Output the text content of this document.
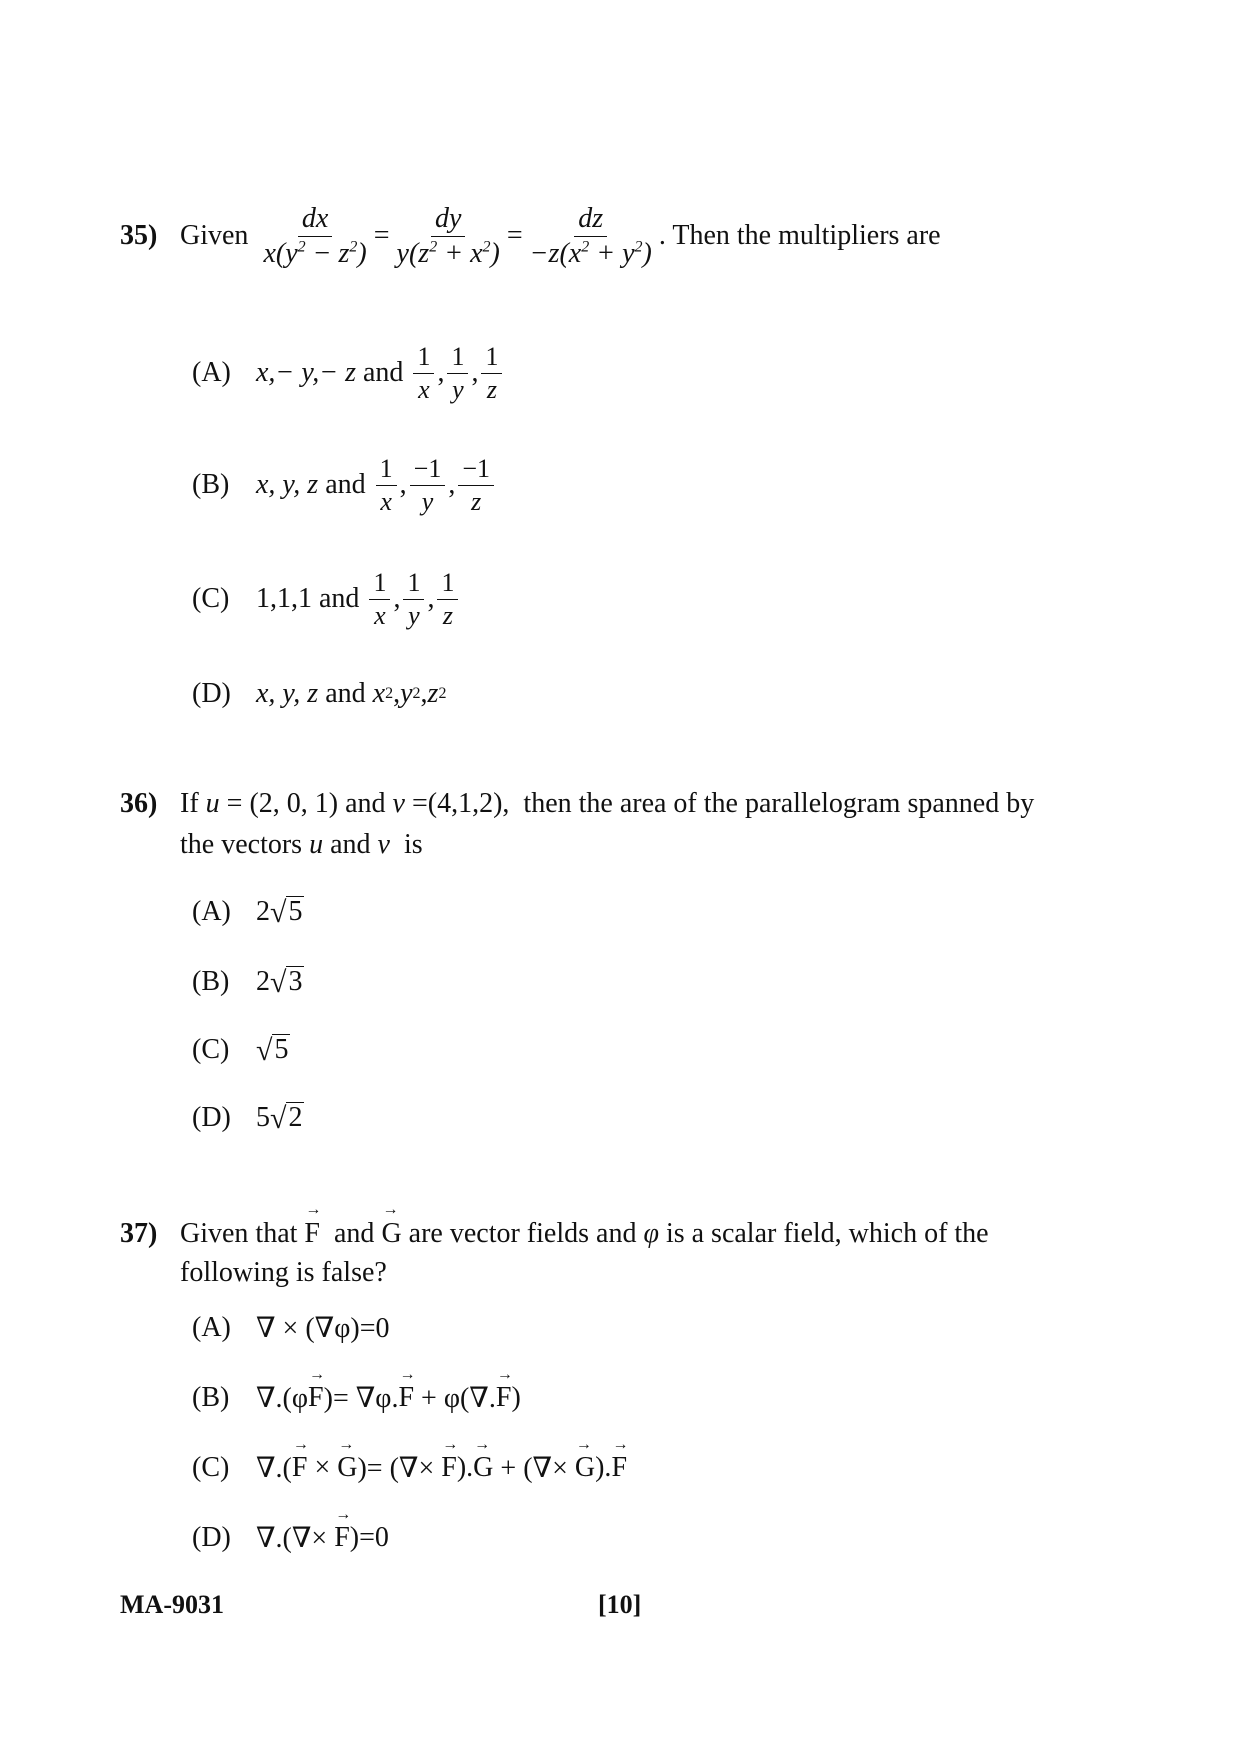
35) Given $\frac{dx}{x(y^2 - z^2)} = \frac{dy}{y(z^2 + x^2)} = \frac{dz}{-z(x^2 + y^2)}$ . Then the multipliers are
(A) x,− y,− z and $\frac{1}{x}$ , $\frac{1}{y}$ , $\frac{1}{z}$
(B) x, y, z and $\frac{1}{x}$ , $\frac{-1}{y}$ , $\frac{-1}{z}$
(C) 1,1,1 and $\frac{1}{x}$ , $\frac{1}{y}$ , $\frac{1}{z}$
(D) x, y, z and x 2 , y 2 , z 2
36) If u = (2, 0, 1) and v =(4,1,2),  then the area of the parallelogram spanned by
the vectors u and v  is
(A) 2 √ 5
(B) 2 √ 3
(C) √ 5
(D) 5 √ 2
37) Given that → F  and → G are vector fields and φ is a scalar field, which of the
following is false?
(A) ∇ × (∇φ)=0
(B) ∇.(φ → F )= ∇φ. → F + φ(∇. → F )
(C) ∇.( → F × → G )= (∇× → F ). → G + (∇× → G ). → F
(D) ∇.(∇× → F )=0
MA-9031	[10]
